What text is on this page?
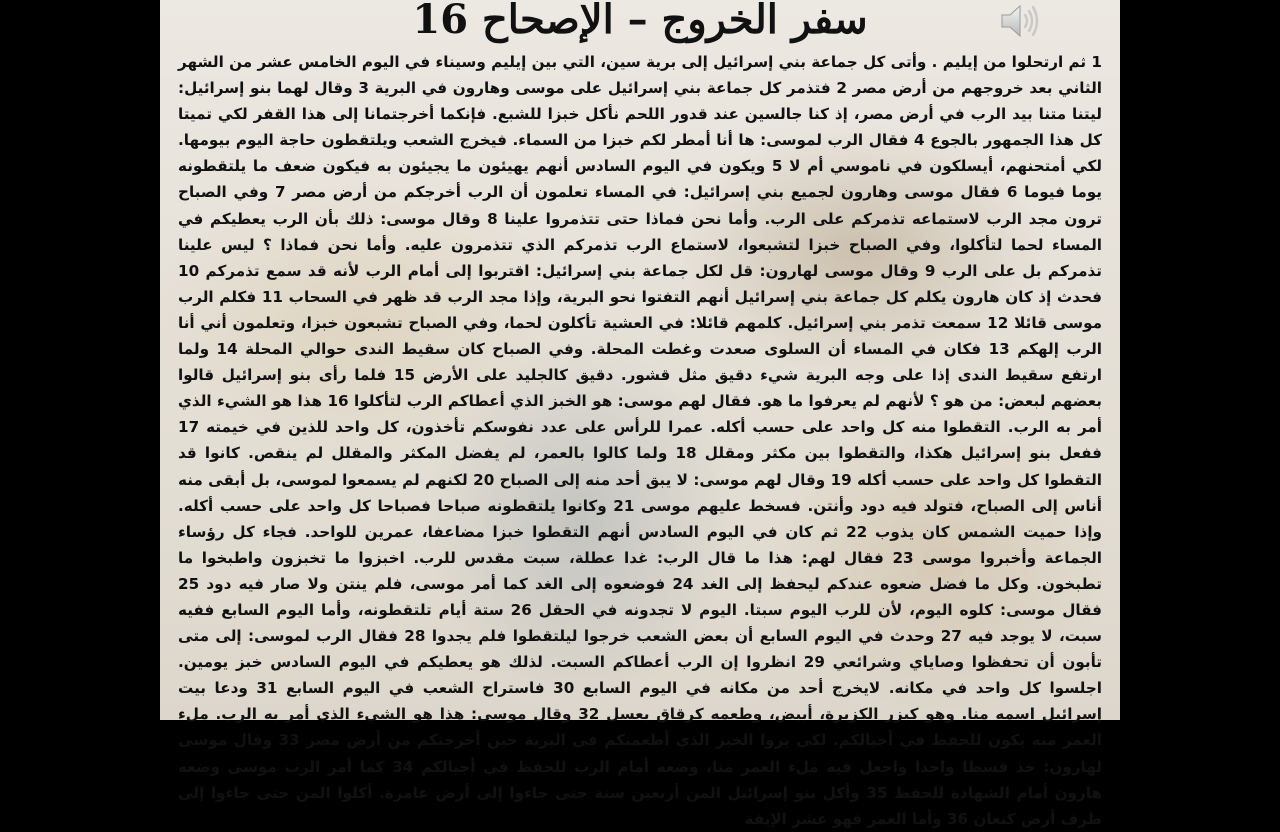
سفر الخروج – الإصحاح 16

1 ثم ارتحلوا من إيليم . وأتى كل جماعة بني إسرائيل إلى برية سين، التي بين إيليم وسيناء في اليوم الخامس عشر من الشهر الثاني بعد خروجهم من أرض مصر 2 فتذمر كل جماعة بني إسرائيل على موسى وهارون في البرية 3 وقال لهما بنو إسرائيل: ليتنا متنا بيد الرب في أرض مصر، إذ كنا جالسين عند قدور اللحم نأكل خبزا للشبع. فإنكما أخرجتمانا إلى هذا القفر لكي تميتا كل هذا الجمهور بالجوع 4 فقال الرب لموسى: ها أنا أمطر لكم خبزا من السماء. فيخرج الشعب ويلتقطون حاجة اليوم بيومها. لكي أمتحنهم، أيسلكون في ناموسي أم لا 5 ويكون في اليوم السادس أنهم يهيئون ما يجيئون به فيكون ضعف ما يلتقطونه يوما فيوما 6 فقال موسى وهارون لجميع بني إسرائيل: في المساء تعلمون أن الرب أخرجكم من أرض مصر 7 وفي الصباح ترون مجد الرب لاستماعه تذمركم على الرب. وأما نحن فماذا حتى تتذمروا علينا 8 وقال موسى: ذلك بأن الرب يعطيكم في المساء لحما لتأكلوا، وفي الصباح خبزا لتشبعوا، لاستماع الرب تذمركم الذي تتذمرون عليه. وأما نحن فماذا ؟ ليس علينا تذمركم بل على الرب 9 وقال موسى لهارون: قل لكل جماعة بني إسرائيل: اقتربوا إلى أمام الرب لأنه قد سمع تذمركم 10 فحدث إذ كان هارون يكلم كل جماعة بني إسرائيل أنهم التفتوا نحو البرية، وإذا مجد الرب قد ظهر في السحاب 11 فكلم الرب موسى قائلا 12 سمعت تذمر بني إسرائيل. كلمهم قائلا: في العشية تأكلون لحما، وفي الصباح تشبعون خبزا، وتعلمون أني أنا الرب إلهكم 13 فكان في المساء أن السلوى صعدت وغطت المحلة. وفي الصباح كان سقيط الندى حوالي المحلة 14 ولما ارتفع سقيط الندى إذا على وجه البرية شيء دقيق مثل قشور. دقيق كالجليد على الأرض 15 فلما رأى بنو إسرائيل قالوا بعضهم لبعض: من هو ؟ لأنهم لم يعرفوا ما هو. فقال لهم موسى: هو الخبز الذي أعطاكم الرب لتأكلوا 16 هذا هو الشيء الذي أمر به الرب. التقطوا منه كل واحد على حسب أكله. عمرا للرأس على عدد نفوسكم تأخذون، كل واحد للذين في خيمته 17 ففعل بنو إسرائيل هكذا، والتقطوا بين مكثر ومقلل 18 ولما كالوا بالعمر، لم يفضل المكثر والمقلل لم ينقص. كانوا قد التقطوا كل واحد على حسب أكله 19 وقال لهم موسى: لا يبق أحد منه إلى الصباح 20 لكنهم لم يسمعوا لموسى، بل أبقى منه أناس إلى الصباح، فتولد فيه دود وأنتن. فسخط عليهم موسى 21 وكانوا يلتقطونه صباحا فصباحا كل واحد على حسب أكله. وإذا حميت الشمس كان يذوب 22 ثم كان في اليوم السادس أنهم التقطوا خبزا مضاعفا، عمرين للواحد. فجاء كل رؤساء الجماعة وأخبروا موسى 23 فقال لهم: هذا ما قال الرب: غدا عطلة، سبت مقدس للرب. اخبزوا ما تخبزون واطبخوا ما تطبخون. وكل ما فضل ضعوه عندكم ليحفظ إلى الغد 24 فوضعوه إلى الغد كما أمر موسى، فلم ينتن ولا صار فيه دود 25 فقال موسى: كلوه اليوم، لأن للرب اليوم سبتا. اليوم لا تجدونه في الحقل 26 ستة أيام تلتقطونه، وأما اليوم السابع ففيه سبت، لا يوجد فيه 27 وحدث في اليوم السابع أن بعض الشعب خرجوا ليلتقطوا فلم يجدوا 28 فقال الرب لموسى: إلى متى تأبون أن تحفظوا وصاياي وشرائعي 29 انظروا إن الرب أعطاكم السبت. لذلك هو يعطيكم في اليوم السادس خبز يومين. اجلسوا كل واحد في مكانه. لايخرج أحد من مكانه في اليوم السابع 30 فاستراح الشعب في اليوم السابع 31 ودعا بيت إسرائيل اسمه منا. وهو كبزر الكزبرة، أبيض، وطعمه كرقاق بعسل 32 وقال موسى: هذا هو الشيء الذي أمر به الرب. ملء العمر منه يكون للحفظ في أجيالكم. لكي يروا الخبز الذي أطعمتكم في البرية حين أخرجتكم من أرض مصر 33 وقال موسى لهارون: خذ قسطا واحدا واجعل فيه ملء العمر منا، وضعه أمام الرب للحفظ في أجيالكم 34 كما أمر الرب موسى وضعه هارون أمام الشهادة للحفظ 35 وأكل بنو إسرائيل المن أربعين سنة حتى جاءوا إلى أرض عامرة. أكلوا المن حتى جاءوا إلى طرف أرض كنعان 36 وأما العمر فهو عشر الإيفة
